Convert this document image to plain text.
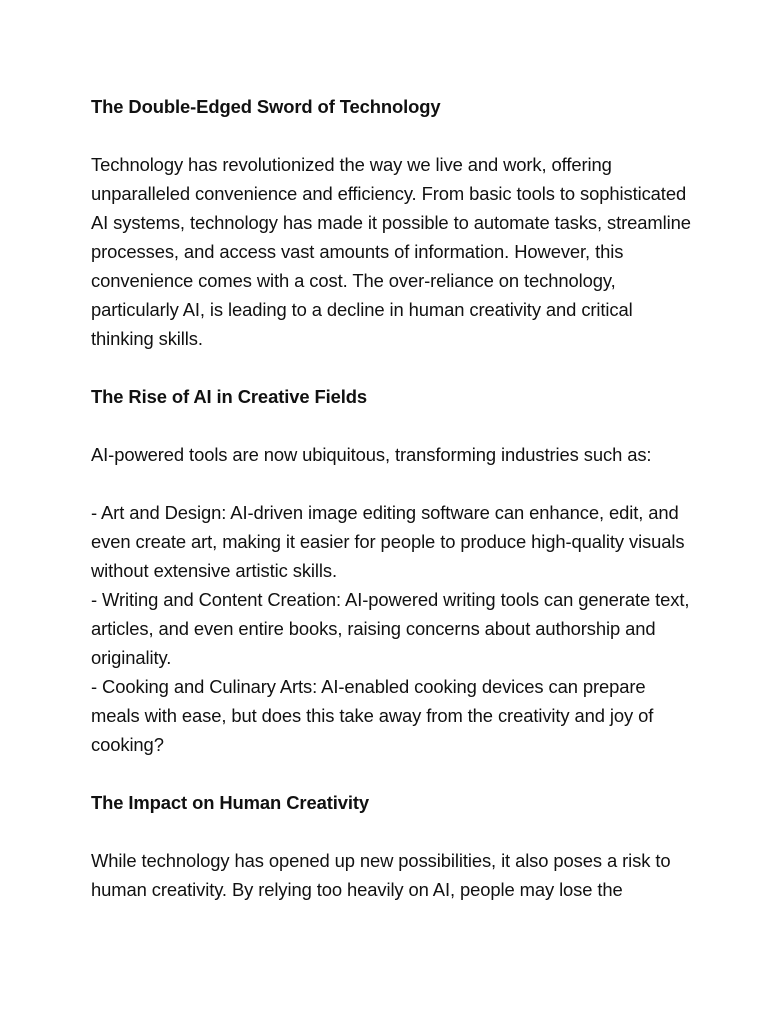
The Double-Edged Sword of Technology
Technology has revolutionized the way we live and work, offering unparalleled convenience and efficiency. From basic tools to sophisticated AI systems, technology has made it possible to automate tasks, streamline processes, and access vast amounts of information. However, this convenience comes with a cost. The over-reliance on technology, particularly AI, is leading to a decline in human creativity and critical thinking skills.
The Rise of AI in Creative Fields
AI-powered tools are now ubiquitous, transforming industries such as:
- Art and Design: AI-driven image editing software can enhance, edit, and even create art, making it easier for people to produce high-quality visuals without extensive artistic skills.
- Writing and Content Creation: AI-powered writing tools can generate text, articles, and even entire books, raising concerns about authorship and originality.
- Cooking and Culinary Arts: AI-enabled cooking devices can prepare meals with ease, but does this take away from the creativity and joy of cooking?
The Impact on Human Creativity
While technology has opened up new possibilities, it also poses a risk to human creativity. By relying too heavily on AI, people may lose the
